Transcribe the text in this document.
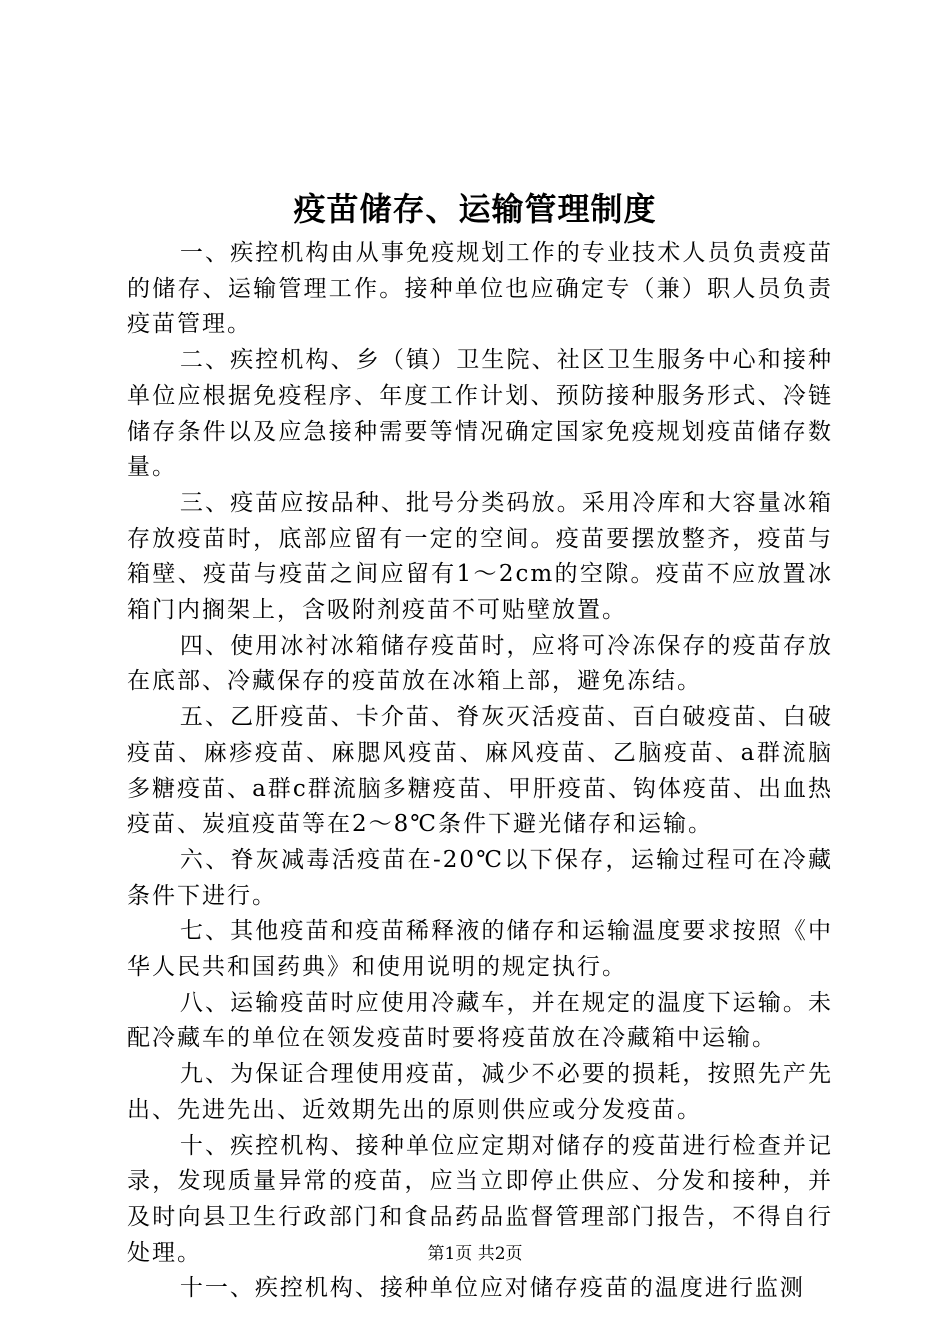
疫苗储存、运输管理制度

一、疾控机构由从事免疫规划工作的专业技术人员负责疫苗的储存、运输管理工作。接种单位也应确定专（兼）职人员负责疫苗管理。

二、疾控机构、乡（镇）卫生院、社区卫生服务中心和接种单位应根据免疫程序、年度工作计划、预防接种服务形式、冷链储存条件以及应急接种需要等情况确定国家免疫规划疫苗储存数量。

三、疫苗应按品种、批号分类码放。采用冷库和大容量冰箱存放疫苗时，底部应留有一定的空间。疫苗要摆放整齐，疫苗与箱壁、疫苗与疫苗之间应留有1～2cm的空隙。疫苗不应放置冰箱门内搁架上，含吸附剂疫苗不可贴壁放置。

四、使用冰衬冰箱储存疫苗时，应将可冷冻保存的疫苗存放在底部、冷藏保存的疫苗放在冰箱上部，避免冻结。

五、乙肝疫苗、卡介苗、脊灰灭活疫苗、百白破疫苗、白破疫苗、麻疹疫苗、麻腮风疫苗、麻风疫苗、乙脑疫苗、a群流脑多糖疫苗、a群c群流脑多糖疫苗、甲肝疫苗、钩体疫苗、出血热疫苗、炭疽疫苗等在2～8℃条件下避光储存和运输。

六、脊灰减毒活疫苗在-20℃以下保存，运输过程可在冷藏条件下进行。

七、其他疫苗和疫苗稀释液的储存和运输温度要求按照《中华人民共和国药典》和使用说明的规定执行。

八、运输疫苗时应使用冷藏车，并在规定的温度下运输。未配冷藏车的单位在领发疫苗时要将疫苗放在冷藏箱中运输。

九、为保证合理使用疫苗，减少不必要的损耗，按照先产先出、先进先出、近效期先出的原则供应或分发疫苗。

十、疾控机构、接种单位应定期对储存的疫苗进行检查并记录，发现质量异常的疫苗，应当立即停止供应、分发和接种，并及时向县卫生行政部门和食品药品监督管理部门报告，不得自行处理。

十一、疾控机构、接种单位应对储存疫苗的温度进行监测

第1页 共2页
